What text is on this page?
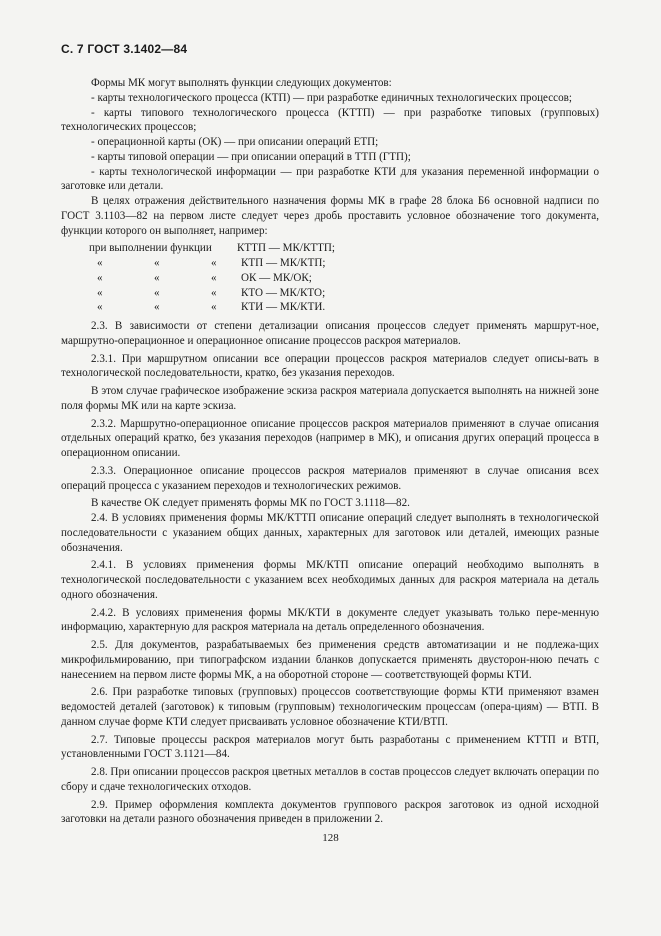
С. 7 ГОСТ 3.1402—84

Формы МК могут выполнять функции следующих документов:

- карты технологического процесса (КТП) — при разработке единичных технологических процессов;

- карты типового технологического процесса (КТТП) — при разработке типовых (групповых) технологических процессов;

- операционной карты (ОК) — при описании операций ЕТП;

- карты типовой операции — при описании операций в ТТП (ГТП);

- карты технологической информации — при разработке КТИ для указания переменной информации о заготовке или детали.

В целях отражения действительного назначения формы МК в графе 28 блока Б6 основной надписи по ГОСТ 3.1103—82 на первом листе следует через дробь проставить условное обозначение того документа, функции которого он выполняет, например:

при выполнении функции	КТТП — МК/КТТП;
«	«	«	КТП — МК/КТП;
«	«	«	ОК — МК/ОК;
«	«	«	КТО — МК/КТО;
«	«	«	КТИ — МК/КТИ.

2.3. В зависимости от степени детализации описания процессов следует применять маршрут-ное, маршрутно-операционное и операционное описание процессов раскроя материалов.

2.3.1. При маршрутном описании все операции процессов раскроя материалов следует описы-вать в технологической последовательности, кратко, без указания переходов.

В этом случае графическое изображение эскиза раскроя материала допускается выполнять на нижней зоне поля формы МК или на карте эскиза.

2.3.2. Маршрутно-операционное описание процессов раскроя материалов применяют в случае описания отдельных операций кратко, без указания переходов (например в МК), и описания других операций процесса в операционном описании.

2.3.3. Операционное описание процессов раскроя материалов применяют в случае описания всех операций процесса с указанием переходов и технологических режимов.

В качестве ОК следует применять формы МК по ГОСТ 3.1118—82.

2.4. В условиях применения формы МК/КТТП описание операций следует выполнять в технологической последовательности с указанием общих данных, характерных для заготовок или деталей, имеющих разные обозначения.

2.4.1. В условиях применения формы МК/КТП описание операций необходимо выполнять в технологической последовательности с указанием всех необходимых данных для раскроя материала на деталь одного обозначения.

2.4.2. В условиях применения формы МК/КТИ в документе следует указывать только пере-менную информацию, характерную для раскроя материала на деталь определенного обозначения.

2.5. Для документов, разрабатываемых без применения средств автоматизации и не подлежа-щих микрофильмированию, при типографском издании бланков допускается применять двусторон-нюю печать с нанесением на первом листе формы МК, а на оборотной стороне — соответствующей формы КТИ.

2.6. При разработке типовых (групповых) процессов соответствующие формы КТИ применяют взамен ведомостей деталей (заготовок) к типовым (групповым) технологическим процессам (опера-циям) — ВТП. В данном случае форме КТИ следует присваивать условное обозначение КТИ/ВТП.

2.7. Типовые процессы раскроя материалов могут быть разработаны с применением КТТП и ВТП, установленными ГОСТ 3.1121—84.

2.8. При описании процессов раскроя цветных металлов в состав процессов следует включать операции по сбору и сдаче технологических отходов.

2.9. Пример оформления комплекта документов группового раскроя заготовок из одной исходной заготовки на детали разного обозначения приведен в приложении 2.

128
